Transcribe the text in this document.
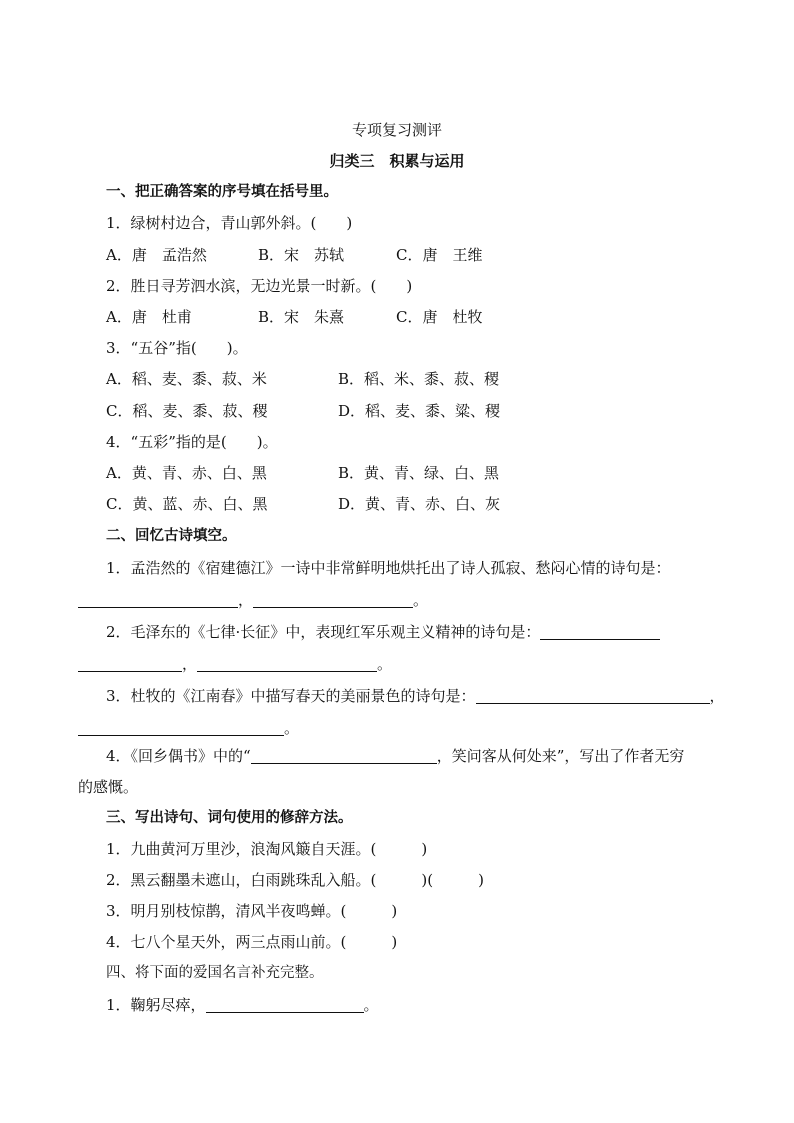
专项复习测评
归类三　积累与运用
一、把正确答案的序号填在括号里。
1．绿树村边合，青山郭外斜。(　　)
A．唐　孟浩然	B．宋　苏轼	C．唐　王维
2．胜日寻芳泗水滨，无边光景一时新。(　　)
A．唐　杜甫	B．宋　朱熹	C．唐　杜牧
3．“五谷”指(　　)。
A．稻、麦、黍、菽、米	B．稻、米、黍、菽、稷
C．稻、麦、黍、菽、稷	D．稻、麦、黍、粱、稷
4．“五彩”指的是(　　)。
A．黄、青、赤、白、黑	B．黄、青、绿、白、黑
C．黄、蓝、赤、白、黑	D．黄、青、赤、白、灰
二、回忆古诗填空。
1．孟浩然的《宿建德江》一诗中非常鲜明地烘托出了诗人孤寂、愁闷心情的诗句是：
，	。
2．毛泽东的《七律·长征》中，表现红军乐观主义精神的诗句是：
，	。
3．杜牧的《江南春》中描写春天的美丽景色的诗句是：	，
。
4．《回乡偶书》中的“	，笑问客从何处来”，写出了作者无穷
的感慨。
三、写出诗句、词句使用的修辞方法。
1．九曲黄河万里沙，浪淘风簸自天涯。(　　　)
2．黑云翻墨未遮山，白雨跳珠乱入船。(　　　)(　　　)
3．明月别枝惊鹊，清风半夜鸣蝉。(　　　)
4．七八个星天外，两三点雨山前。(　　　)
四、将下面的爱国名言补充完整。
1．鞠躬尽瘁，	。
